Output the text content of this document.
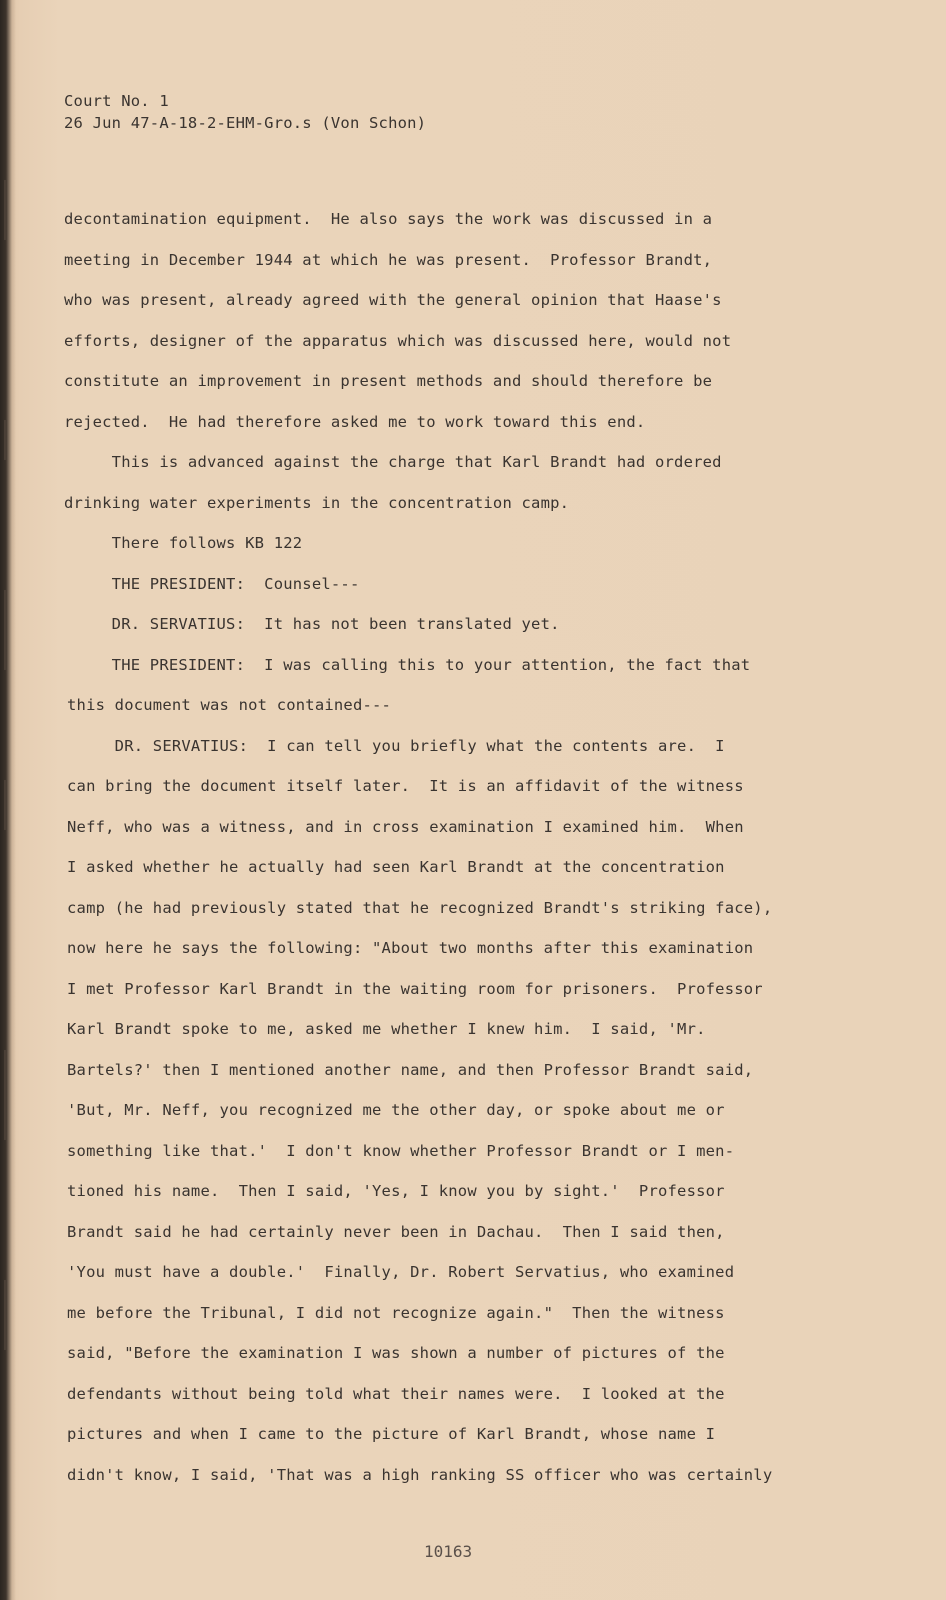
Court No. 1
26 Jun 47-A-18-2-EHM-Gro.s (Von Schon)
decontamination equipment.  He also says the work was discussed in a
meeting in December 1944 at which he was present.  Professor Brandt,
who was present, already agreed with the general opinion that Haase's
efforts, designer of the apparatus which was discussed here, would not
constitute an improvement in present methods and should therefore be
rejected.  He had therefore asked me to work toward this end.
This is advanced against the charge that Karl Brandt had ordered
drinking water experiments in the concentration camp.
There follows KB 122
THE PRESIDENT:  Counsel---
DR. SERVATIUS:  It has not been translated yet.
THE PRESIDENT:  I was calling this to your attention, the fact that
this document was not contained---
DR. SERVATIUS:  I can tell you briefly what the contents are.  I
can bring the document itself later.  It is an affidavit of the witness
Neff, who was a witness, and in cross examination I examined him.  When
I asked whether he actually had seen Karl Brandt at the concentration
camp (he had previously stated that he recognized Brandt's striking face),
now here he says the following: "About two months after this examination
I met Professor Karl Brandt in the waiting room for prisoners.  Professor
Karl Brandt spoke to me, asked me whether I knew him.  I said, 'Mr.
Bartels?' then I mentioned another name, and then Professor Brandt said,
'But, Mr. Neff, you recognized me the other day, or spoke about me or
something like that.'  I don't know whether Professor Brandt or I men-
tioned his name.  Then I said, 'Yes, I know you by sight.'  Professor
Brandt said he had certainly never been in Dachau.  Then I said then,
'You must have a double.'  Finally, Dr. Robert Servatius, who examined
me before the Tribunal, I did not recognize again."  Then the witness
said, "Before the examination I was shown a number of pictures of the
defendants without being told what their names were.  I looked at the
pictures and when I came to the picture of Karl Brandt, whose name I
didn't know, I said, 'That was a high ranking SS officer who was certainly
10163
